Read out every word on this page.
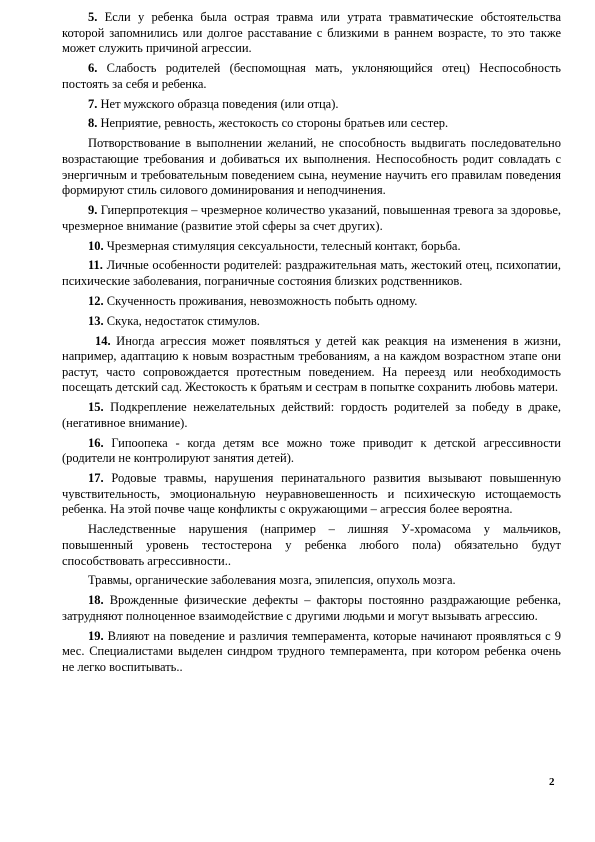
5. Если у ребенка была острая травма или утрата травматические обстоятельства которой запомнились или долгое расставание с близкими в раннем возрасте, то это также может служить причиной агрессии.

6. Слабость родителей (беспомощная мать, уклоняющийся отец) Неспособность постоять за себя и ребенка.

7. Нет мужского образца поведения (или отца).

8. Неприятие, ревность, жестокость со стороны братьев или сестер.

Потворствование в выполнении желаний, не способность выдвигать последовательно возрастающие требования и добиваться их выполнения. Неспособность родит совладать с энергичным и требовательным поведением сына, неумение научить его правилам поведения формируют стиль силового доминирования и неподчинения.

9. Гиперпротекция – чрезмерное количество указаний, повышенная тревога за здоровье, чрезмерное внимание (развитие этой сферы за счет других).

10. Чрезмерная стимуляция сексуальности, телесный контакт, борьба.

11. Личные особенности родителей: раздражительная мать, жестокий отец, психопатии, психические заболевания, пограничные состояния близких родственников.

12. Скученность проживания, невозможность побыть одному.

13. Скука, недостаток стимулов.

14. Иногда агрессия может появляться у детей как реакция на изменения в жизни, например, адаптацию к новым возрастным требованиям, а на каждом возрастном этапе они растут, часто сопровождается протестным поведением. На переезд или необходимость посещать детский сад. Жестокость к братьям и сестрам в попытке сохранить любовь матери.

15. Подкрепление нежелательных действий: гордость родителей за победу в драке, (негативное внимание).

16. Гипоопека - когда детям все можно тоже приводит к детской агрессивности (родители не контролируют занятия детей).

17. Родовые травмы, нарушения перинатального развития вызывают повышенную чувствительность, эмоциональную неуравновешенность и психическую истощаемость ребенка. На этой почве чаще конфликты с окружающими – агрессия более вероятна.

Наследственные нарушения (например – лишняя У-хромасома у мальчиков, повышенный уровень тестостерона у ребенка любого пола) обязательно будут способствовать агрессивности..

Травмы, органические заболевания мозга, эпилепсия, опухоль мозга.

18. Врожденные физические дефекты – факторы постоянно раздражающие ребенка, затрудняют полноценное взаимодействие с другими людьми и могут вызывать агрессию.

19. Влияют на поведение и различия темперамента, которые начинают проявляться с 9 мес. Специалистами выделен синдром трудного темперамента, при котором ребенка очень не легко воспитывать..

2
